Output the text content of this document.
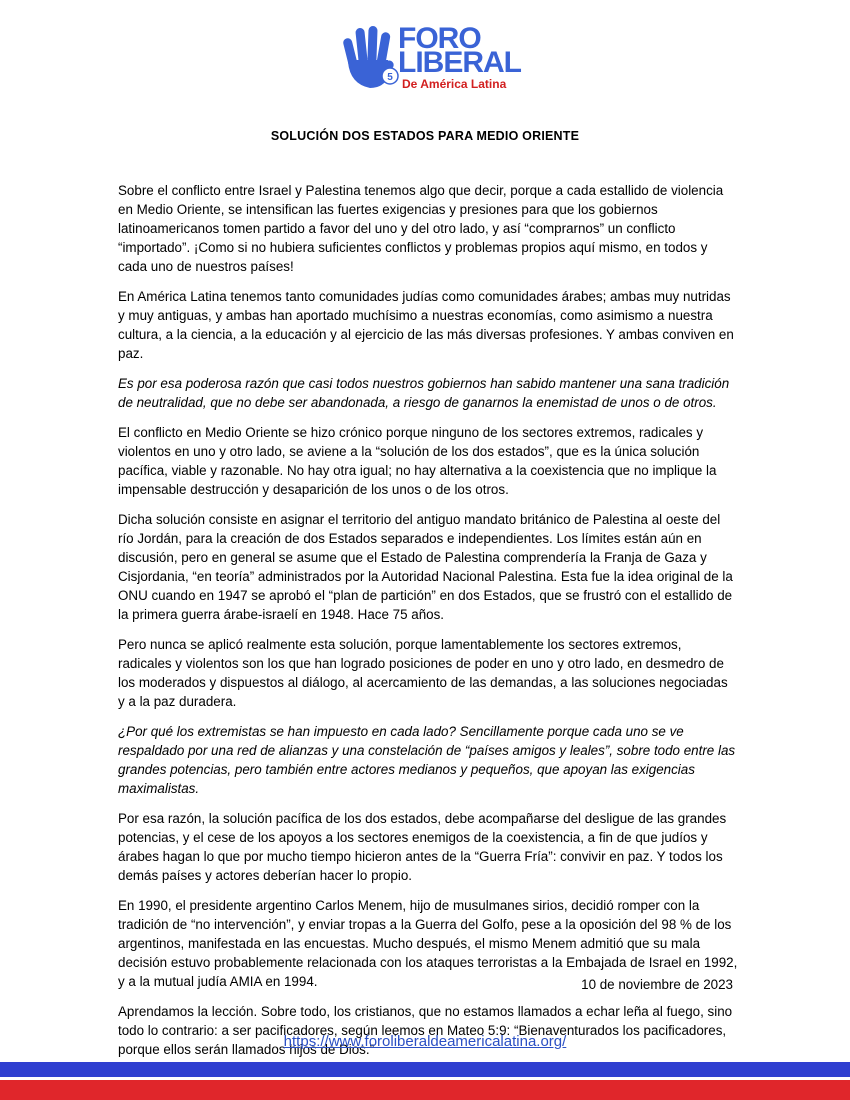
5
FORO
LIBERAL
De América Latina
SOLUCIÓN DOS ESTADOS PARA MEDIO ORIENTE

Sobre el conflicto entre Israel y Palestina tenemos algo que decir, porque a cada estallido de violencia en Medio Oriente, se intensifican las fuertes exigencias y presiones para que los gobiernos latinoamericanos tomen partido a favor del uno y del otro lado, y así “comprarnos” un conflicto “importado”. ¡Como si no hubiera suficientes conflictos y problemas propios aquí mismo, en todos y cada uno de nuestros países!

En América Latina tenemos tanto comunidades judías como comunidades árabes; ambas muy nutridas y muy antiguas, y ambas han aportado muchísimo a nuestras economías, como asimismo a nuestra cultura, a la ciencia, a la educación y al ejercicio de las más diversas profesiones. Y ambas conviven en paz.

Es por esa poderosa razón que casi todos nuestros gobiernos han sabido mantener una sana tradición de neutralidad, que no debe ser abandonada, a riesgo de ganarnos la enemistad de unos o de otros.

El conflicto en Medio Oriente se hizo crónico porque ninguno de los sectores extremos, radicales y violentos en uno y otro lado, se aviene a la “solución de los dos estados”, que es la única solución pacífica, viable y razonable. No hay otra igual; no hay alternativa a la coexistencia que no implique la impensable destrucción y desaparición de los unos o de los otros.

Dicha solución consiste en asignar el territorio del antiguo mandato británico de Palestina al oeste del río Jordán, para la creación de dos Estados separados e independientes. Los límites están aún en discusión, pero en general se asume que el Estado de Palestina comprendería la Franja de Gaza y Cisjordania, “en teoría” administrados por la Autoridad Nacional Palestina. Esta fue la idea original de la ONU cuando en 1947 se aprobó el “plan de partición” en dos Estados, que se frustró con el estallido de la primera guerra árabe-israelí en 1948. Hace 75 años.

Pero nunca se aplicó realmente esta solución, porque lamentablemente los sectores extremos, radicales y violentos son los que han logrado posiciones de poder en uno y otro lado, en desmedro de los moderados y dispuestos al diálogo, al acercamiento de las demandas, a las soluciones negociadas y a la paz duradera.

¿Por qué los extremistas se han impuesto en cada lado? Sencillamente porque cada uno se ve respaldado por una red de alianzas y una constelación de “países amigos y leales”, sobre todo entre las grandes potencias, pero también entre actores medianos y pequeños, que apoyan las exigencias maximalistas.

Por esa razón, la solución pacífica de los dos estados, debe acompañarse del desligue de las grandes potencias, y el cese de los apoyos a los sectores enemigos de la coexistencia, a fin de que judíos y árabes hagan lo que por mucho tiempo hicieron antes de la “Guerra Fría”: convivir en paz. Y todos los demás países y actores deberían hacer lo propio.

En 1990, el presidente argentino Carlos Menem, hijo de musulmanes sirios, decidió romper con la tradición de “no intervención”, y enviar tropas a la Guerra del Golfo, pese a la oposición del 98 % de los argentinos, manifestada en las encuestas. Mucho después, el mismo Menem admitió que su mala decisión estuvo probablemente relacionada con los ataques terroristas a la Embajada de Israel en 1992, y a la mutual judía AMIA en 1994.

Aprendamos la lección. Sobre todo, los cristianos, que no estamos llamados a echar leña al fuego, sino todo lo contrario: a ser pacificadores, según leemos en Mateo 5:9: “Bienaventurados los pacificadores, porque ellos serán llamados hijos de Dios.”

10 de noviembre de 2023
https://www.foroliberaldeamericalatina.org/
